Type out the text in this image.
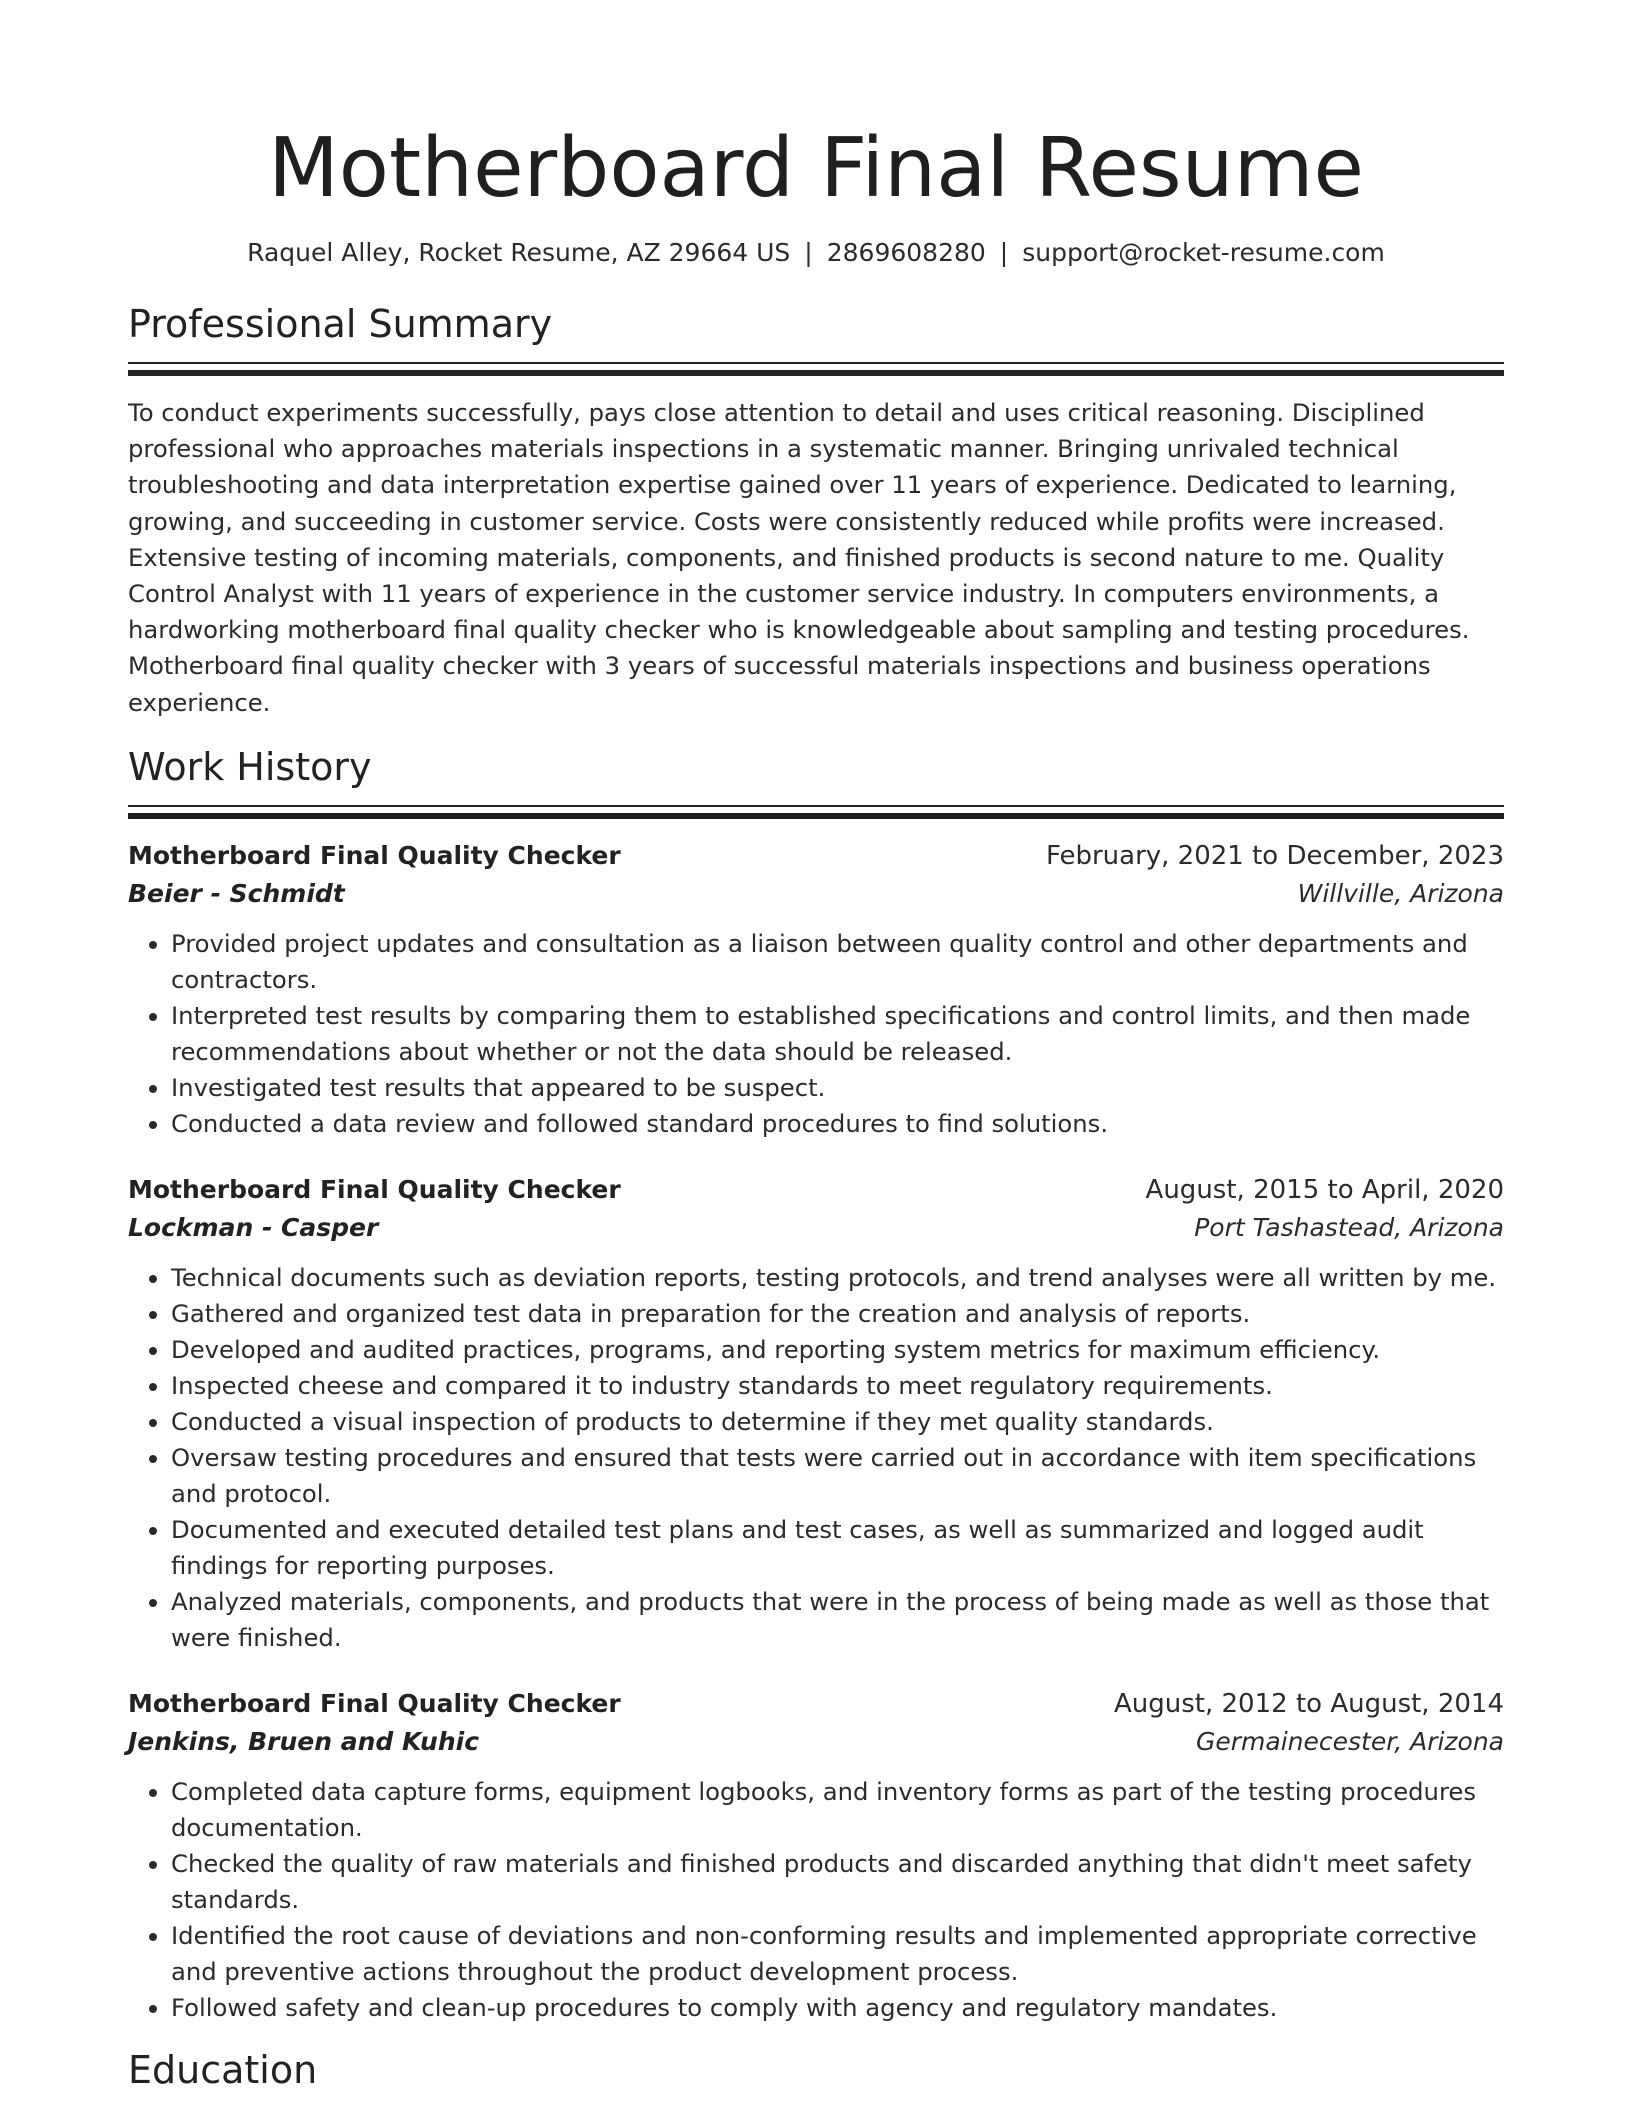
Motherboard Final Resume
Raquel Alley, Rocket Resume, AZ 29664 US | 2869608280 | support@rocket-resume.com
Professional Summary

To conduct experiments successfully, pays close attention to detail and uses critical reasoning. Disciplined professional who approaches materials inspections in a systematic manner. Bringing unrivaled technical troubleshooting and data interpretation expertise gained over 11 years of experience. Dedicated to learning, growing, and succeeding in customer service. Costs were consistently reduced while profits were increased. Extensive testing of incoming materials, components, and finished products is second nature to me. Quality Control Analyst with 11 years of experience in the customer service industry. In computers environments, a hardworking motherboard final quality checker who is knowledgeable about sampling and testing procedures. Motherboard final quality checker with 3 years of successful materials inspections and business operations experience.

Work History
Motherboard Final Quality Checker	February, 2021 to December, 2023
Beier - Schmidt	Willville, Arizona
• Provided project updates and consultation as a liaison between quality control and other departments and contractors.
• Interpreted test results by comparing them to established specifications and control limits, and then made recommendations about whether or not the data should be released.
• Investigated test results that appeared to be suspect.
• Conducted a data review and followed standard procedures to find solutions.
Motherboard Final Quality Checker	August, 2015 to April, 2020
Lockman - Casper	Port Tashastead, Arizona
• Technical documents such as deviation reports, testing protocols, and trend analyses were all written by me.
• Gathered and organized test data in preparation for the creation and analysis of reports.
• Developed and audited practices, programs, and reporting system metrics for maximum efficiency.
• Inspected cheese and compared it to industry standards to meet regulatory requirements.
• Conducted a visual inspection of products to determine if they met quality standards.
• Oversaw testing procedures and ensured that tests were carried out in accordance with item specifications and protocol.
• Documented and executed detailed test plans and test cases, as well as summarized and logged audit findings for reporting purposes.
• Analyzed materials, components, and products that were in the process of being made as well as those that were finished.
Motherboard Final Quality Checker	August, 2012 to August, 2014
Jenkins, Bruen and Kuhic	Germainecester, Arizona
• Completed data capture forms, equipment logbooks, and inventory forms as part of the testing procedures documentation.
• Checked the quality of raw materials and finished products and discarded anything that didn't meet safety standards.
• Identified the root cause of deviations and non-conforming results and implemented appropriate corrective and preventive actions throughout the product development process.
• Followed safety and clean-up procedures to comply with agency and regulatory mandates.
Education
